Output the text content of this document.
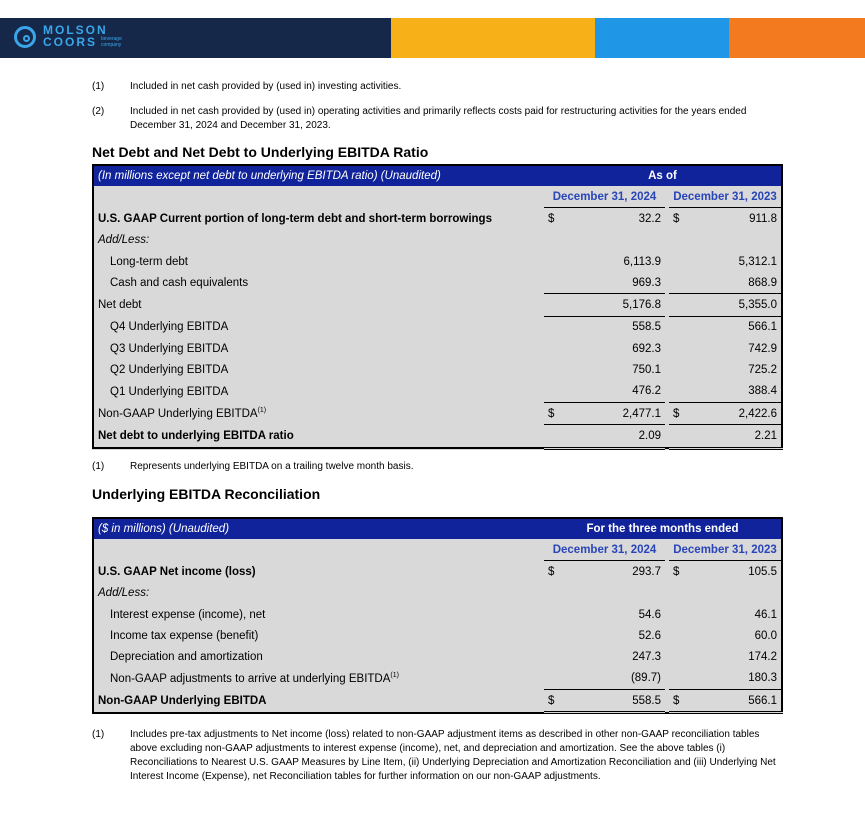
MOLSON
COORS beverage company
(1)	Included in net cash provided by (used in) investing activities.
(2)	Included in net cash provided by (used in) operating activities and primarily reflects costs paid for restructuring activities for the years ended December 31, 2024 and December 31, 2023.
Net Debt and Net Debt to Underlying EBITDA Ratio
(In millions except net debt to underlying EBITDA ratio) (Unaudited)	As of		
	December 31, 2024		December 31, 2023
U.S. GAAP Current portion of long-term debt and short-term borrowings	$ 32.2		$ 911.8

Add/Less:			
Long-term debt	6,113.9		5,312.1

Cash and cash equivalents	969.3		868.9

Net debt	5,176.8		5,355.0

Q4 Underlying EBITDA	558.5		566.1

Q3 Underlying EBITDA	692.3		742.9

Q2 Underlying EBITDA	750.1		725.2

Q1 Underlying EBITDA	476.2		388.4

Non-GAAP Underlying EBITDA$^{(1)}$	$ 2,477.1		$ 2,422.6

Net debt to underlying EBITDA ratio	2.09		2.21
(1)	Represents underlying EBITDA on a trailing twelve month basis.
Underlying EBITDA Reconciliation
($ in millions) (Unaudited)	For the three months ended		
	December 31, 2024		December 31, 2023
U.S. GAAP Net income (loss)	$ 293.7		$ 105.5

Add/Less:			
Interest expense (income), net	54.6		46.1

Income tax expense (benefit)	52.6		60.0

Depreciation and amortization	247.3		174.2

Non-GAAP adjustments to arrive at underlying EBITDA$^{(1)}$	(89.7)		180.3

Non-GAAP Underlying EBITDA	$ 558.5		$ 566.1
(1)	Includes pre-tax adjustments to Net income (loss) related to non-GAAP adjustment items as described in other non-GAAP reconciliation tables above excluding non-GAAP adjustments to interest expense (income), net, and depreciation and amortization. See the above tables (i) Reconciliations to Nearest U.S. GAAP Measures by Line Item, (ii) Underlying Depreciation and Amortization Reconciliation and (iii) Underlying Net Interest Income (Expense), net Reconciliation tables for further information on our non-GAAP adjustments.
